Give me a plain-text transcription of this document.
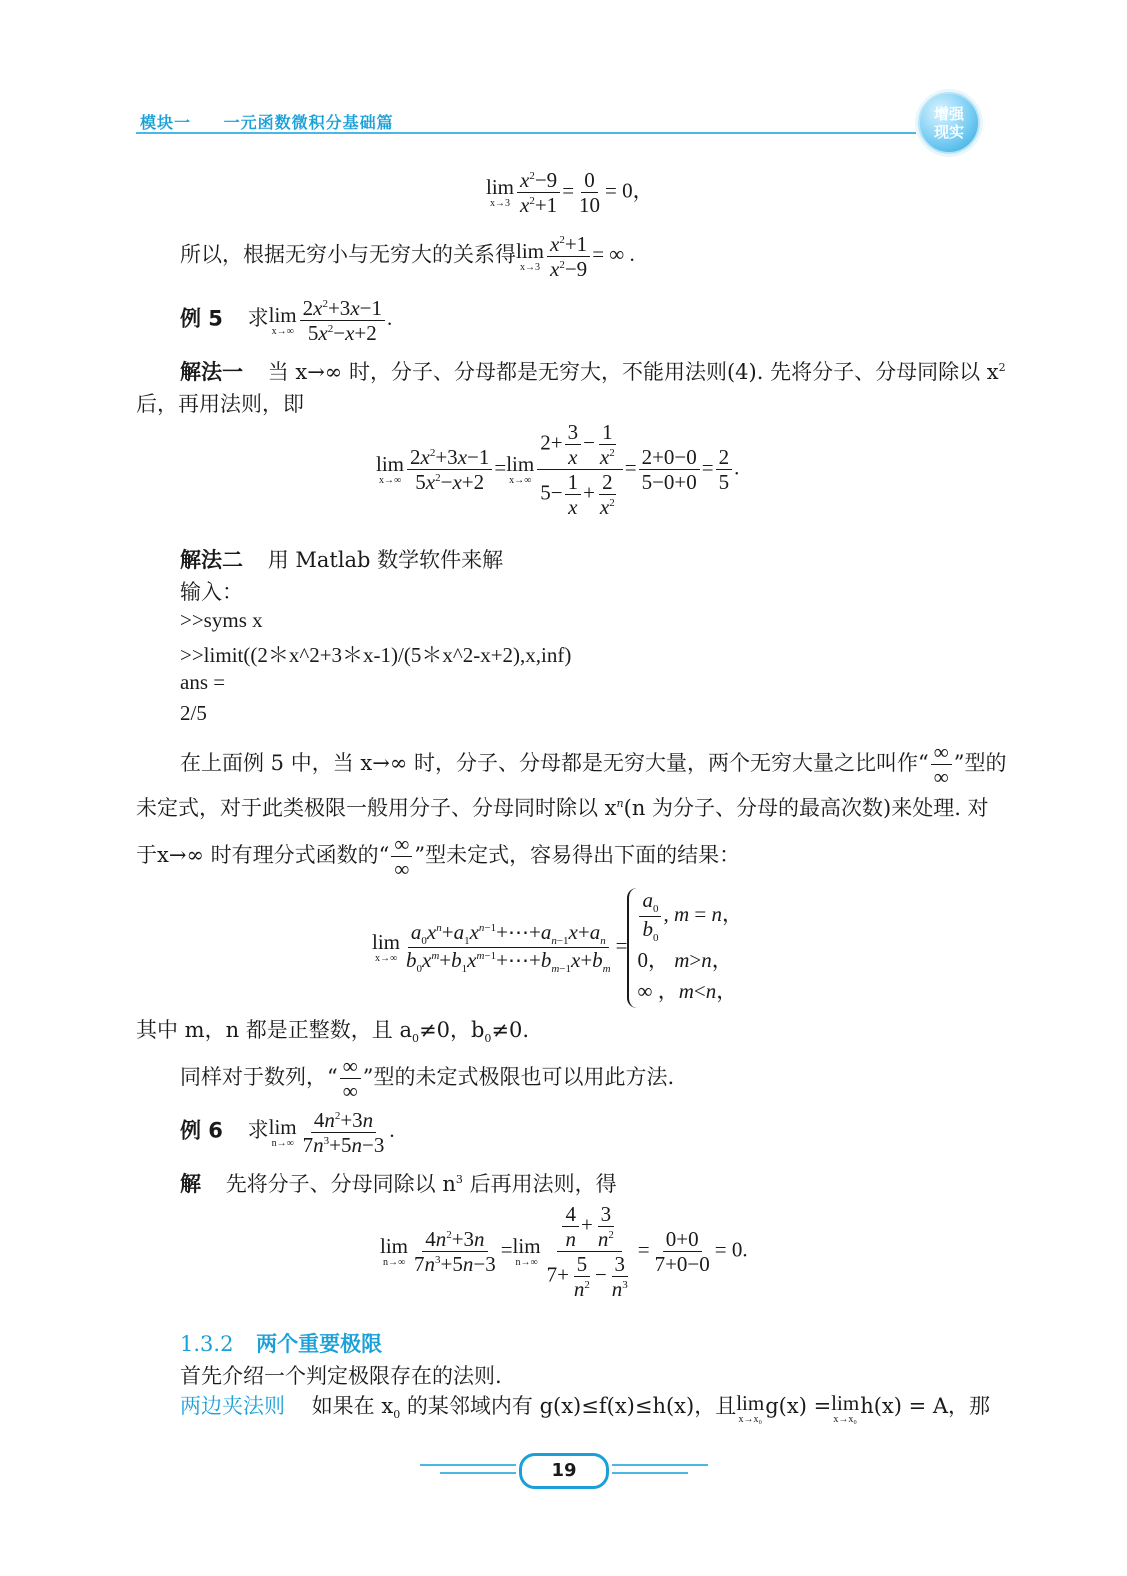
模块一 一元函数微积分基础篇	增强
现实
lim
$x\to 3 \frac{x^2-9}{x^2+1} = \frac{0}{10} = 0$，
所以，根据无穷小与无穷大的关系得 lim
$x\to 3 \frac{x^2+1}{x^2-9}$ = ∞ .
例 5 求 lim
$x\to\infty \frac{2x^2+3x-1}{5x^2-x+2}$ .
解法一 当 x→∞ 时，分子、分母都是无穷大，不能用法则(4). 先将分子、分母同除以 $x^2$
后，再用法则，即
lim
$x\to\infty \frac{2x^2+3x-1}{5x^2-x+2} = \lim$
$x\to\infty \frac{2+ \frac{3}{x} - \frac{1}{x^2}}{5- \frac{1}{x} + \frac{2}{x^2}} = \frac{2+0-0}{5-0+0} = \frac{2}{5}$ .
解法二 用 Matlab 数学软件来解
输入：
>>syms x
>>limit((2＊x^2+3＊x-1)/(5＊x^2-x+2),x,inf)
ans =
2/5
在上面例 5 中，当 x→∞ 时，分子、分母都是无穷大量，两个无穷大量之比叫作“ $\frac{\infty}{\infty}$ ”型的
未定式，对于此类极限一般用分子、分母同时除以 $x^n(n$ 为分子、分母的最高次数)来处理. 对
于x→∞ 时有理分式函数的“ $\frac{\infty}{\infty}$ ”型未定式，容易得出下面的结果：
lim
$x\to\infty \frac{a_0x^n+a_1x^{n-1}+\cdots+a_{n-1}x+a_n}{b_0x^m+b_1x^{m-1}+\cdots+b_{m-1}x+b_m}$ =
$\frac{a_0}{b_0}$ , m = n，
0， m>n，
∞ ，m<n，
其中 m，n 都是正整数，且 $a_0\ne 0$，$b_0\ne 0$.
同样对于数列，“ $\frac{\infty}{\infty}$ ”型的未定式极限也可以用此方法.
例 6 求 lim
$n\to\infty \frac{4n^2+3n}{7n^3+5n-3}$ .
解 先将分子、分母同除以 $n^3$ 后再用法则，得
lim
$n\to\infty \frac{4n^2+3n}{7n^3+5n-3} = \lim$
$n\to\infty \frac{\frac{4}{n} + \frac{3}{n^2}}{7+ \frac{5}{n^2} - \frac{3}{n^3}} = \frac{0+0}{7+0-0} = 0$.
1.3.2 两个重要极限
首先介绍一个判定极限存在的法则.
两边夹法则 如果在 $x_0$ 的某邻域内有 g(x)≤f(x)≤h(x)，且 lim
x→x₀
g(x) = lim
x→x₀
h(x) = A，那
19
